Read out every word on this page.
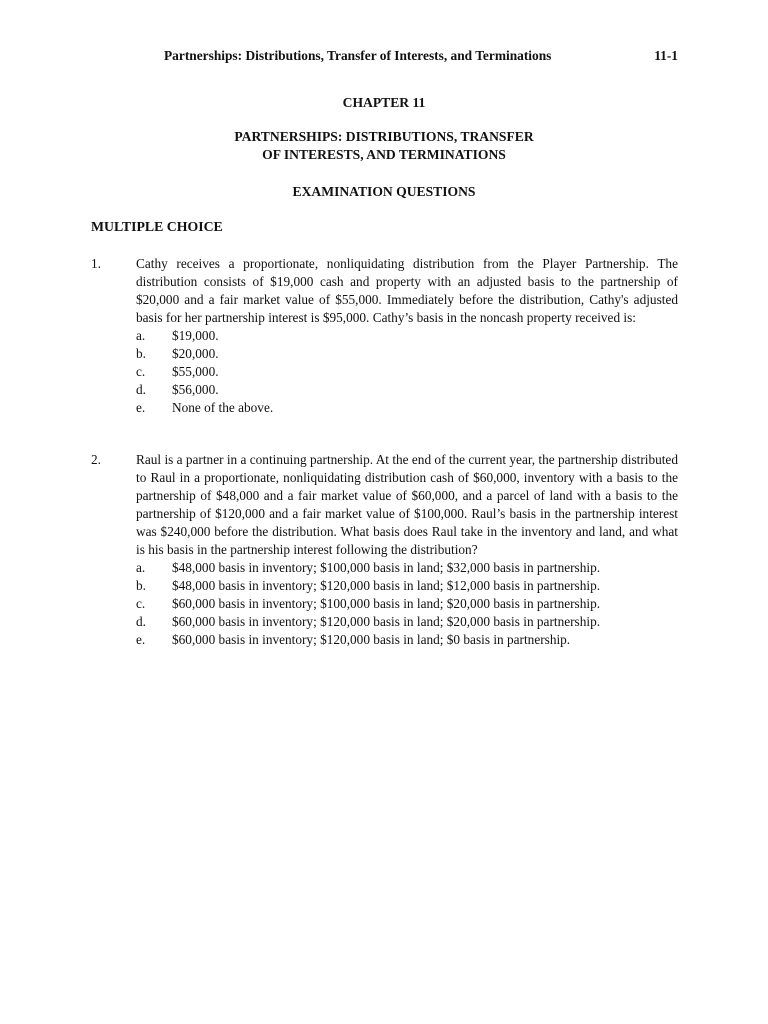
Partnerships: Distributions, Transfer of Interests, and Terminations	11-1
CHAPTER 11
PARTNERSHIPS: DISTRIBUTIONS, TRANSFER
OF INTERESTS, AND TERMINATIONS
EXAMINATION QUESTIONS
MULTIPLE CHOICE
1.	Cathy receives a proportionate, nonliquidating distribution from the Player Partnership. The distribution consists of $19,000 cash and property with an adjusted basis to the partnership of $20,000 and a fair market value of $55,000. Immediately before the distribution, Cathy's adjusted basis for her partnership interest is $95,000. Cathy’s basis in the noncash property received is:
a. $19,000.
b. $20,000.
c. $55,000.
d. $56,000.
e. None of the above.
2.	Raul is a partner in a continuing partnership. At the end of the current year, the partnership distributed to Raul in a proportionate, nonliquidating distribution cash of $60,000, inventory with a basis to the partnership of $48,000 and a fair market value of $60,000, and a parcel of land with a basis to the partnership of $120,000 and a fair market value of $100,000. Raul’s basis in the partnership interest was $240,000 before the distribution. What basis does Raul take in the inventory and land, and what is his basis in the partnership interest following the distribution?
a. $48,000 basis in inventory; $100,000 basis in land; $32,000 basis in partnership.
b. $48,000 basis in inventory; $120,000 basis in land; $12,000 basis in partnership.
c. $60,000 basis in inventory; $100,000 basis in land; $20,000 basis in partnership.
d. $60,000 basis in inventory; $120,000 basis in land; $20,000 basis in partnership.
e. $60,000 basis in inventory; $120,000 basis in land; $0 basis in partnership.
